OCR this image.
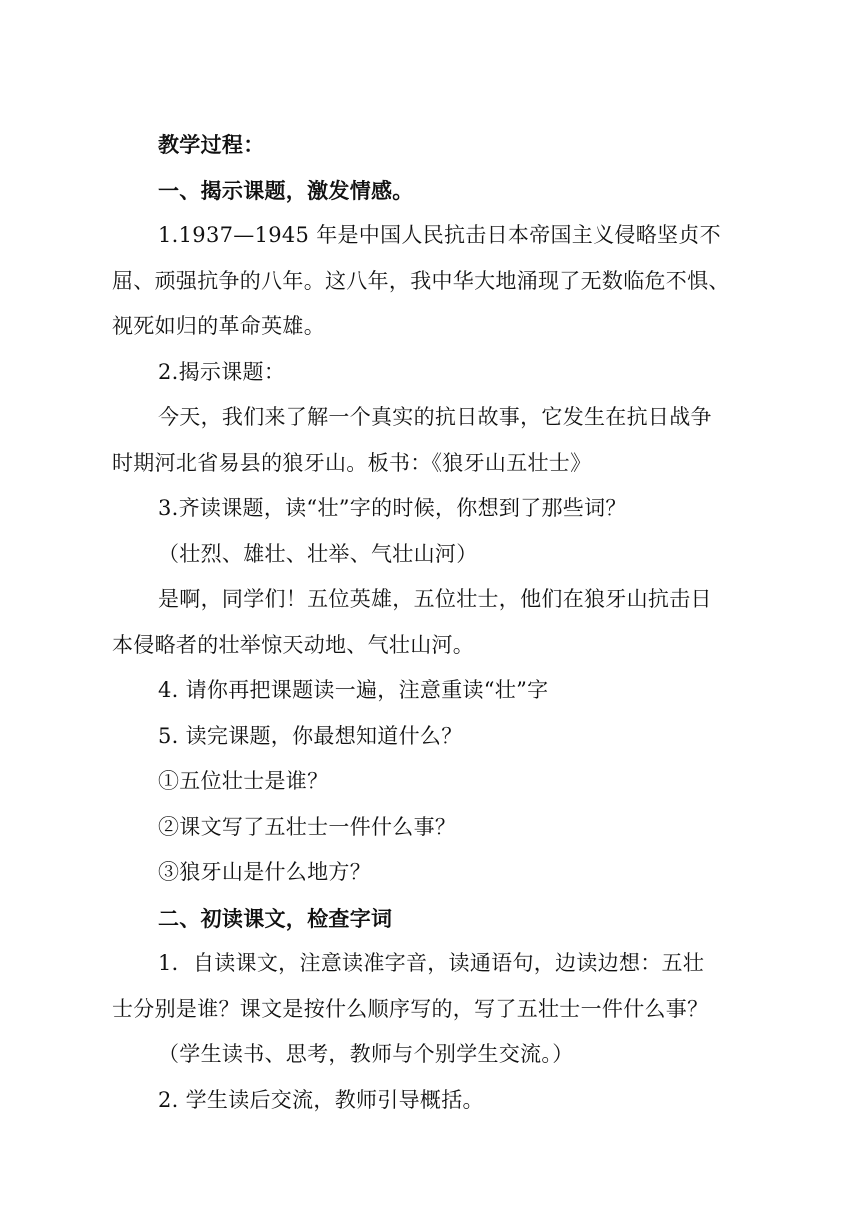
教学过程：
一、揭示课题，激发情感。
1.1937—1945 年是中国人民抗击日本帝国主义侵略坚贞不
屈、顽强抗争的八年。这八年，我中华大地涌现了无数临危不惧、
视死如归的革命英雄。
2.揭示课题：
今天，我们来了解一个真实的抗日故事，它发生在抗日战争
时期河北省易县的狼牙山。板书：《狼牙山五壮士》
3.齐读课题，读“壮”字的时候，你想到了那些词？
（壮烈、雄壮、壮举、气壮山河）
是啊，同学们！五位英雄，五位壮士，他们在狼牙山抗击日
本侵略者的壮举惊天动地、气壮山河。
4. 请你再把课题读一遍，注意重读“壮”字
5. 读完课题，你最想知道什么？
①五位壮士是谁？
②课文写了五壮士一件什么事？
③狼牙山是什么地方？
二、初读课文，检查字词
1．自读课文，注意读准字音，读通语句，边读边想：五壮
士分别是谁？课文是按什么顺序写的，写了五壮士一件什么事？
（学生读书、思考，教师与个别学生交流。）
2. 学生读后交流，教师引导概括。
